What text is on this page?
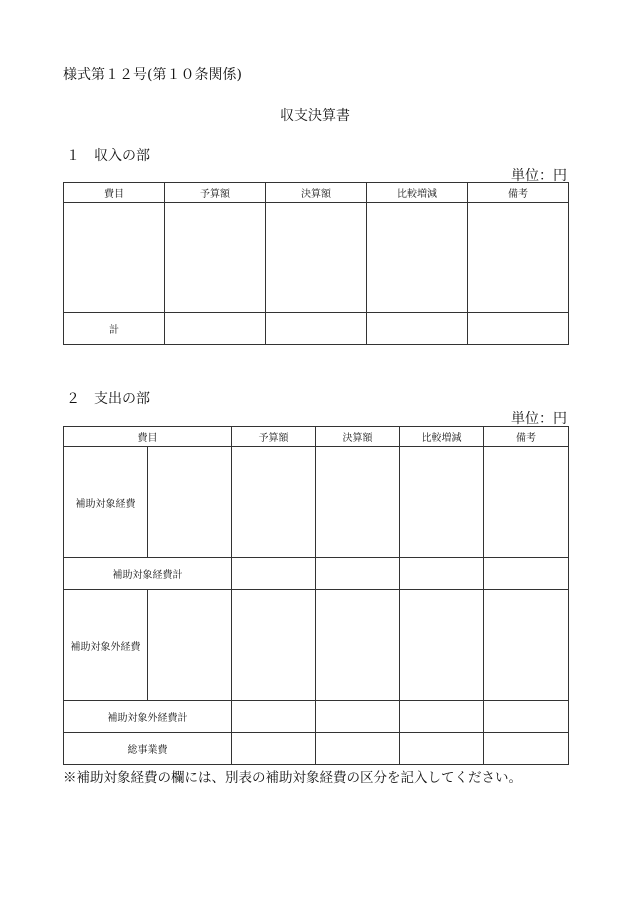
様式第１２号(第１０条関係)
収支決算書
１　収入の部
単位：円
費目	予算額	決算額	比較増減	備考

計				
２　支出の部
単位：円
費目		予算額	決算額	比較増減	備考
補助対象経費					
補助対象経費計					
補助対象外経費					
補助対象外経費計					
総事業費					
※補助対象経費の欄には、別表の補助対象経費の区分を記入してください。
